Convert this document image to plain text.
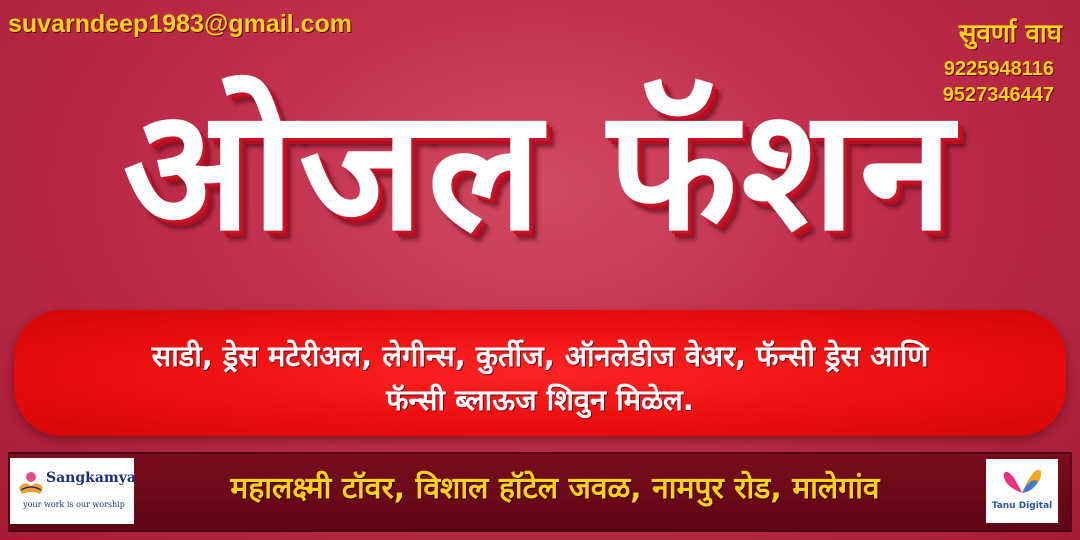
suvarndeep1983@gmail.com	सुवर्णा वाघ
9225948116
9527346447
ओजल फॅशन
साडी, ड्रेस मटेरीअल, लेगीन्स, कुर्तीज, ऑनलेडीज वेअर, फॅन्सी ड्रेस आणि
फॅन्सी ब्लाऊज शिवुन मिळेल.
Sangkamya
your work is our worship	महालक्ष्मी टॉवर, विशाल हॉटेल जवळ, नामपुर रोड, मालेगांव	Tanu Digital
